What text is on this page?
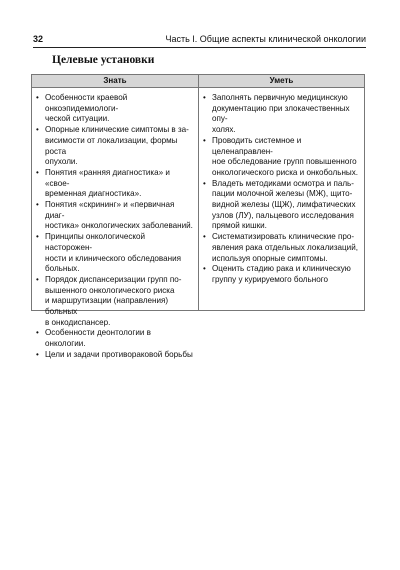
32	Часть I. Общие аспекты клинической онкологии
Целевые установки
Знать	Уметь
• Особенности краевой онкоэпидемиологи-
ческой ситуации.
• Опорные клинические симптомы в за-
висимости от локализации, формы роста
опухоли.
• Понятия «ранняя диагностика» и «свое-
временная диагностика».
• Понятия «скрининг» и «первичная диаг-
ностика» онкологических заболеваний.
• Принципы онкологической насторожен-
ности и клинического обследования
больных.
• Порядок диспансеризации групп по-
вышенного онкологического риска
и маршрутизации (направления) больных
в онкодиспансер.
• Особенности деонтологии в онкологии.
• Цели и задачи противораковой борьбы
• Заполнять первичную медицинскую
документацию при злокачественных опу-
холях.
• Проводить системное и целенаправлен-
ное обследование групп повышенного
онкологического риска и онкобольных.
• Владеть методиками осмотра и паль-
пации молочной железы (МЖ), щито-
видной железы (ЩЖ), лимфатических
узлов (ЛУ), пальцевого исследования
прямой кишки.
• Систематизировать клинические про-
явления рака отдельных локализаций,
используя опорные симптомы.
• Оценить стадию рака и клиническую
группу у курируемого больного
